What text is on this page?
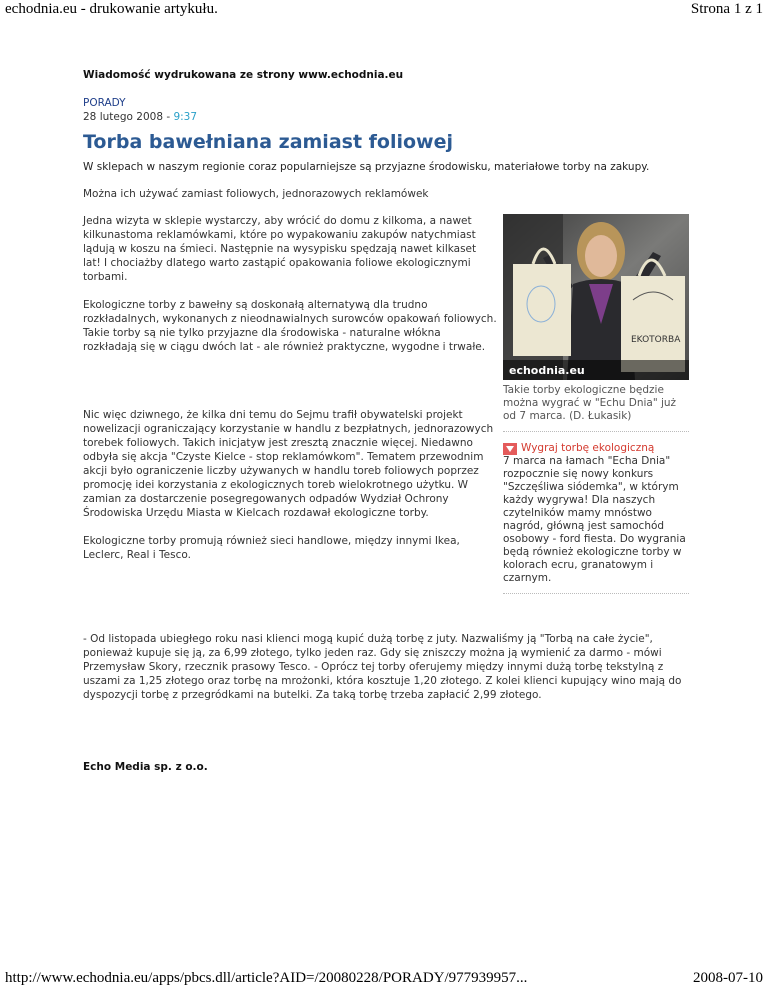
echodnia.eu - drukowanie artykułu.	Strona 1 z 1
Wiadomość wydrukowana ze strony www.echodnia.eu
PORADY
28 lutego 2008 - 9:37
Torba bawełniana zamiast foliowej
W sklepach w naszym regionie coraz popularniejsze są przyjazne środowisku, materiałowe torby na zakupy.
Można ich używać zamiast foliowych, jednorazowych reklamówek

Jedna wizyta w sklepie wystarczy, aby wrócić do domu z kilkoma, a nawet kilkunastoma reklamówkami, które po wypakowaniu zakupów natychmiast lądują w koszu na śmieci. Następnie na wysypisku spędzają nawet kilkaset lat! I chociażby dlatego warto zastąpić opakowania foliowe ekologicznymi torbami.

Ekologiczne torby z bawełny są doskonałą alternatywą dla trudno rozkładalnych, wykonanych z nieodnawialnych surowców opakowań foliowych. Takie torby są nie tylko przyjazne dla środowiska - naturalne włókna rozkładają się w ciągu dwóch lat - ale również praktyczne, wygodne i trwałe.

Nic więc dziwnego, że kilka dni temu do Sejmu trafił obywatelski projekt nowelizacji ograniczający korzystanie w handlu z bezpłatnych, jednorazowych torebek foliowych. Takich inicjatyw jest zresztą znacznie więcej. Niedawno odbyła się akcja "Czyste Kielce - stop reklamówkom". Tematem przewodnim akcji było ograniczenie liczby używanych w handlu toreb foliowych poprzez promocję idei korzystania z ekologicznych toreb wielokrotnego użytku. W zamian za dostarczenie posegregowanych odpadów Wydział Ochrony Środowiska Urzędu Miasta w Kielcach rozdawał ekologiczne torby.

Ekologiczne torby promują również sieci handlowe, między innymi Ikea, Leclerc, Real i Tesco.

EKOTORBA
echodnia.eu
Takie torby ekologiczne będzie można wygrać w "Echu Dnia" już od 7 marca. (D. Łukasik)
Wygraj torbę ekologiczną
7 marca na łamach "Echa Dnia" rozpocznie się nowy konkurs "Szczęśliwa siódemka", w którym każdy wygrywa! Dla naszych czytelników mamy mnóstwo nagród, główną jest samochód osobowy - ford fiesta. Do wygrania będą również ekologiczne torby w kolorach ecru, granatowym i czarnym.
- Od listopada ubiegłego roku nasi klienci mogą kupić dużą torbę z juty. Nazwaliśmy ją "Torbą na całe życie", ponieważ kupuje się ją, za 6,99 złotego, tylko jeden raz. Gdy się zniszczy można ją wymienić za darmo - mówi Przemysław Skory, rzecznik prasowy Tesco. - Oprócz tej torby oferujemy między innymi dużą torbę tekstylną z uszami za 1,25 złotego oraz torbę na mrożonki, która kosztuje 1,20 złotego. Z kolei klienci kupujący wino mają do dyspozycji torbę z przegródkami na butelki. Za taką torbę trzeba zapłacić 2,99 złotego.
Echo Media sp. z o.o.
http://www.echodnia.eu/apps/pbcs.dll/article?AID=/20080228/PORADY/977939957...	2008-07-10
